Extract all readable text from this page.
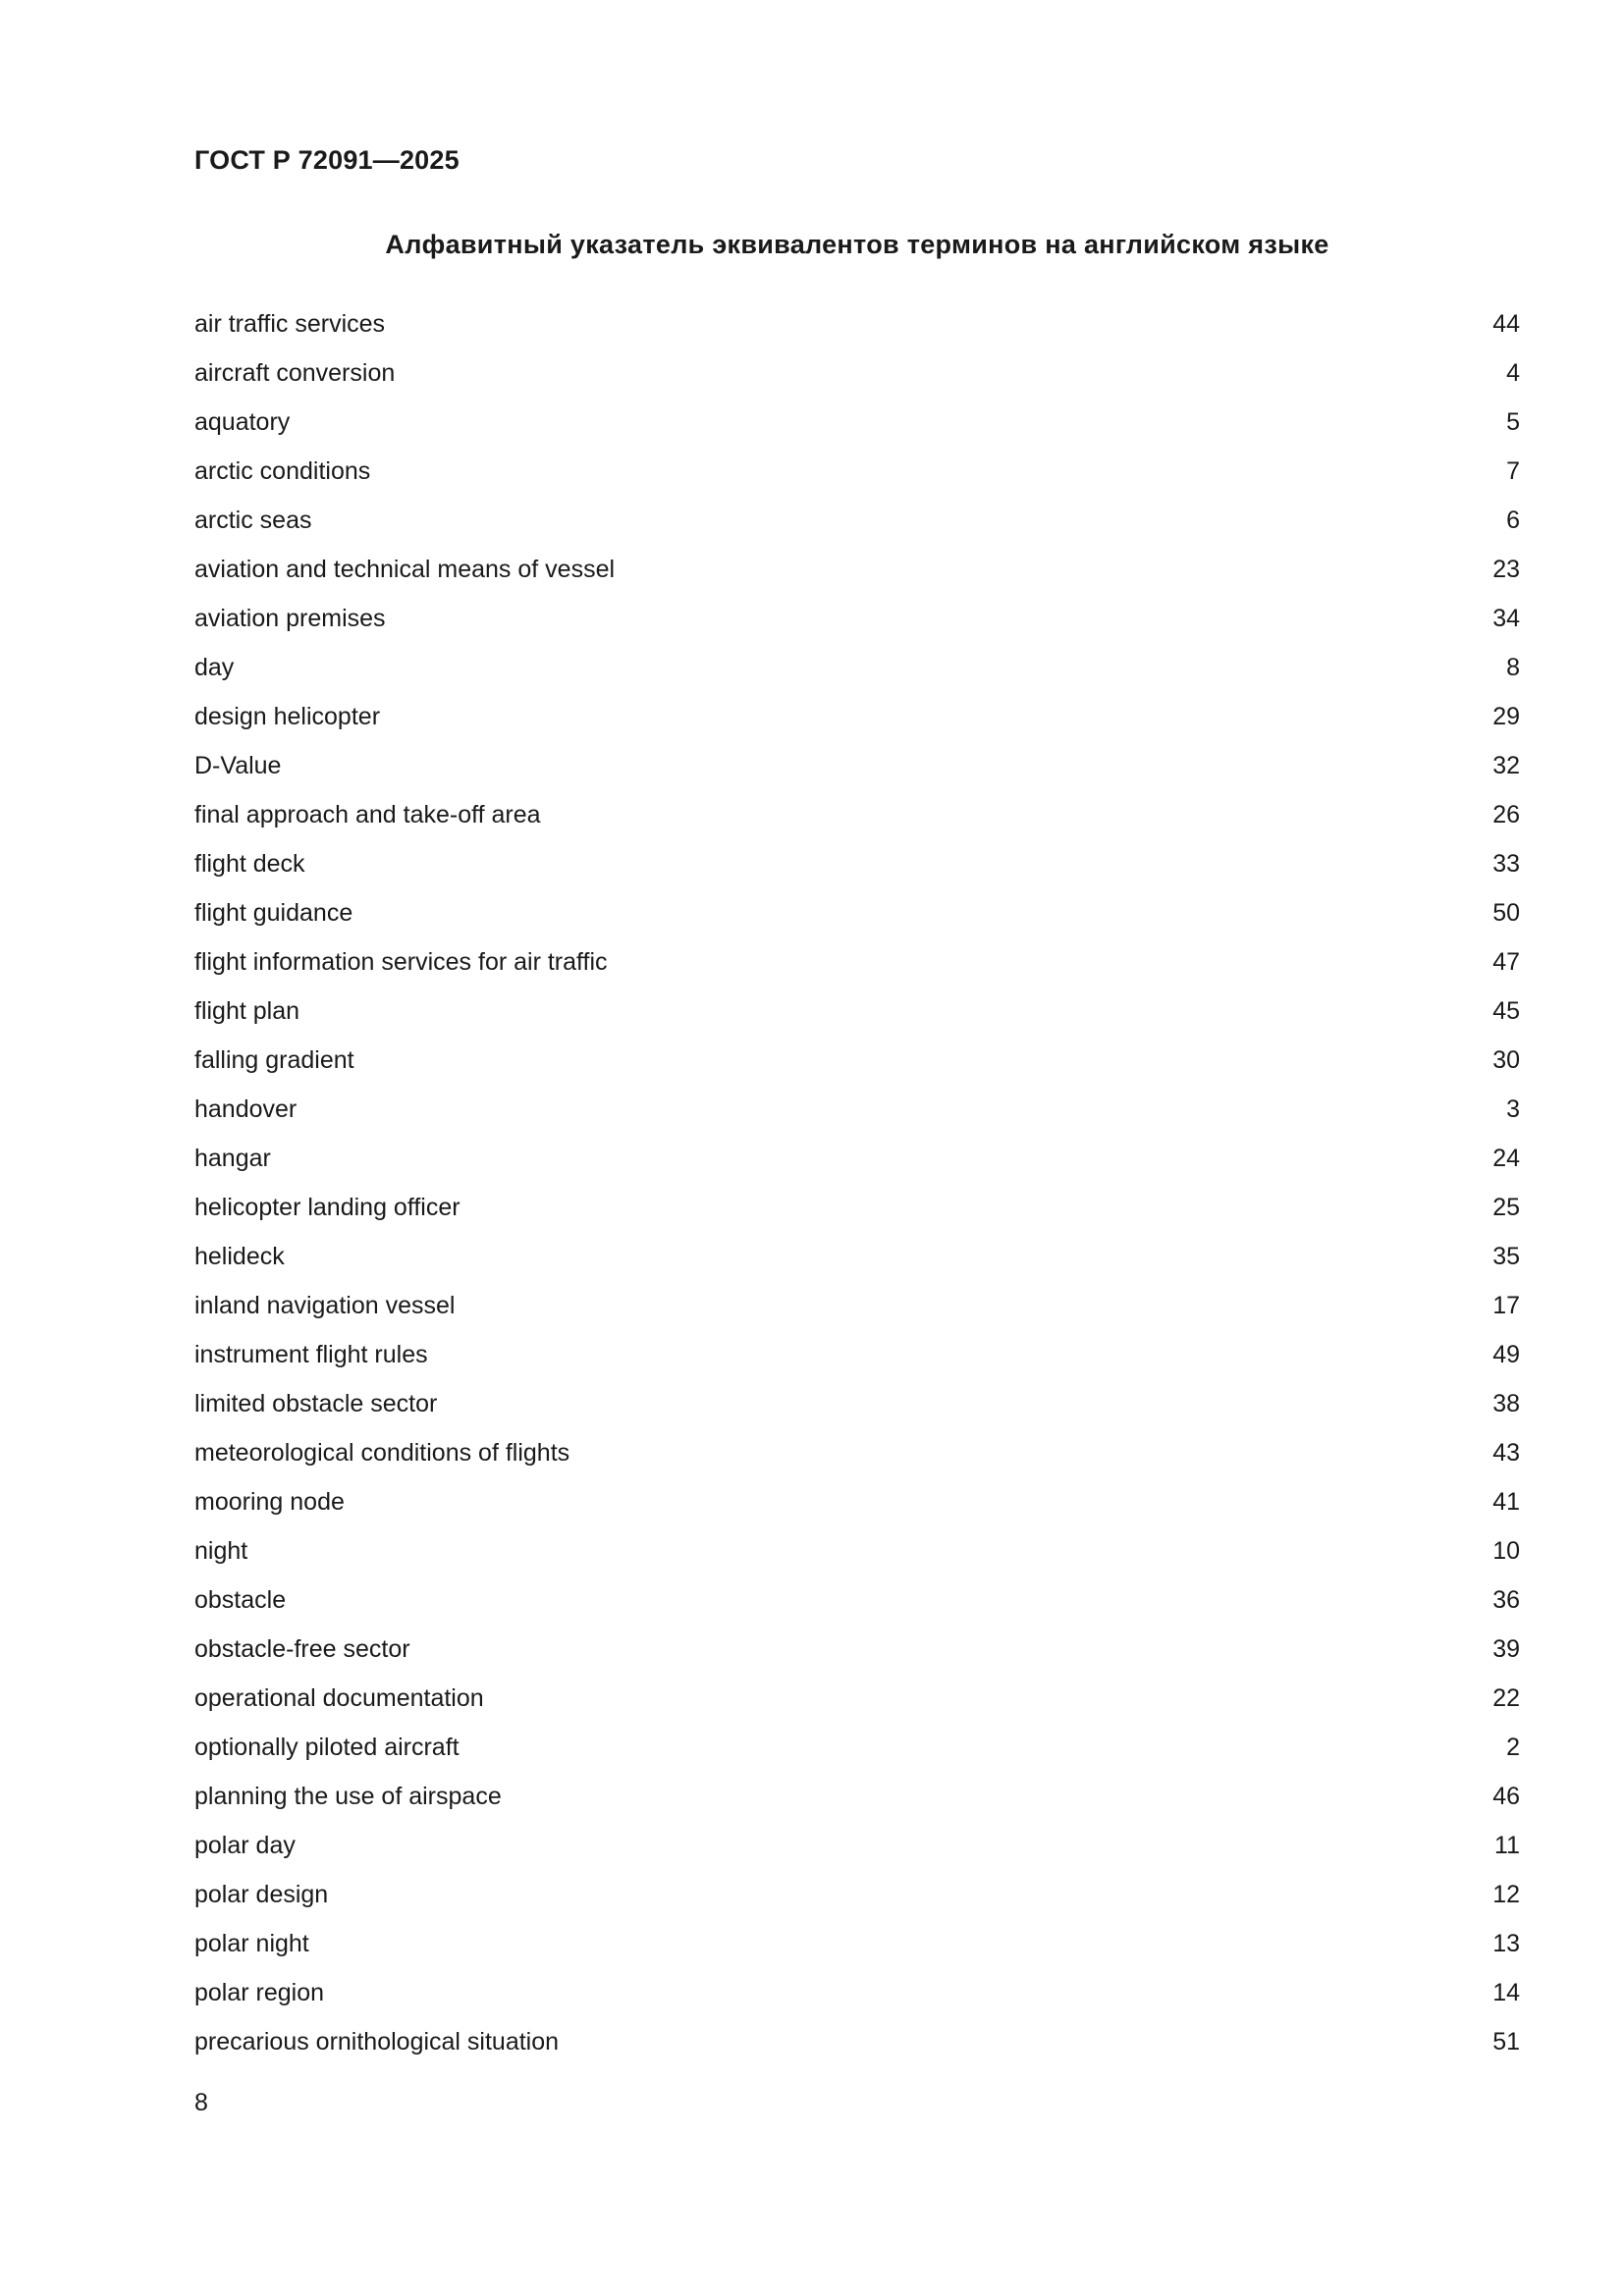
ГОСТ Р 72091—2025

Алфавитный указатель эквивалентов терминов на английском языке
air traffic services	44
aircraft conversion	4
aquatory	5
arctic conditions	7
arctic seas	6
aviation and technical means of vessel	23
aviation premises	34
day	8
design helicopter	29
D-Value	32
final approach and take-off area	26
flight deck	33
flight guidance	50
flight information services for air traffic	47
flight plan	45
falling gradient	30
handover	3
hangar	24
helicopter landing officer	25
helideck	35
inland navigation vessel	17
instrument flight rules	49
limited obstacle sector	38
meteorological conditions of flights	43
mooring node	41
night	10
obstacle	36
obstacle-free sector	39
operational documentation	22
optionally piloted aircraft	2
planning the use of airspace	46
polar day	11
polar design	12
polar night	13
polar region	14
precarious ornithological situation	51

8
